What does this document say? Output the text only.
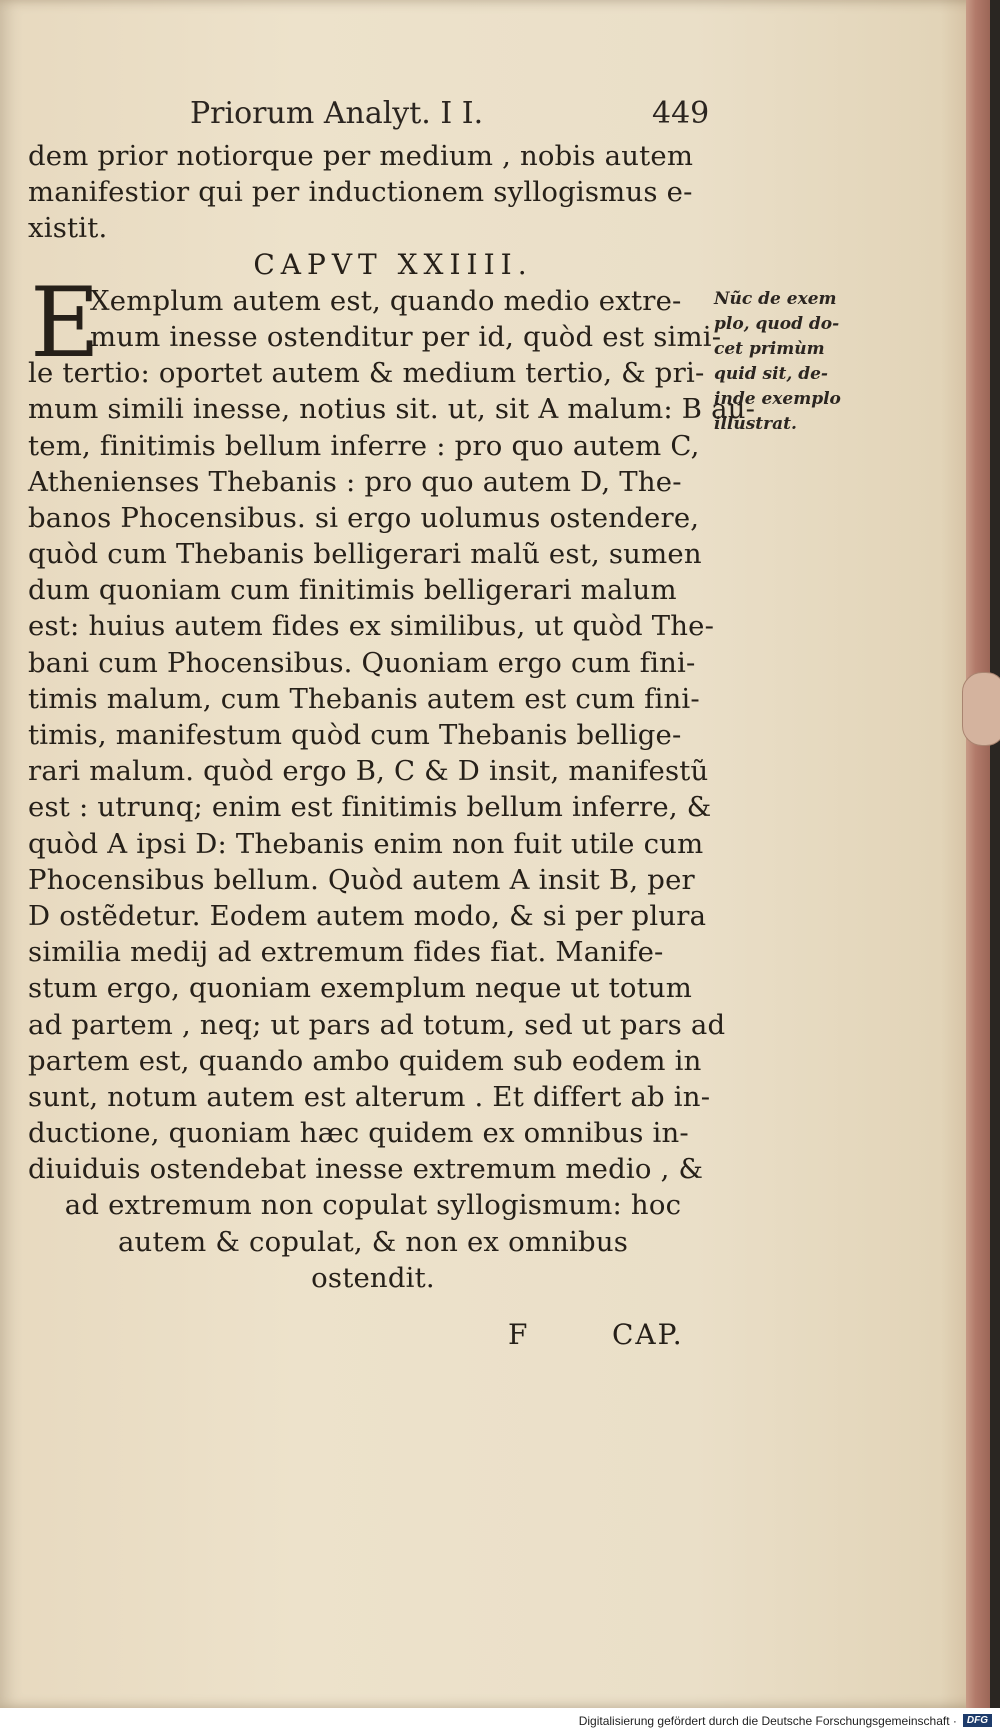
Priorum Analyt. I I.	449
E
dem prior notiorque per medium , nobis autem
manifestior qui per inductionem syllogismus e-
xistit.
CAPVT XXIIII.
Xemplum autem est, quando medio extre-
mum inesse ostenditur per id, quòd est simi-
le tertio: oportet autem & medium tertio, & pri-
mum simili inesse, notius sit. ut, sit A malum: B au-
tem, finitimis bellum inferre : pro quo autem C,
Athenienses Thebanis : pro quo autem D, The-
banos Phocensibus. si ergo uolumus ostendere,
quòd cum Thebanis belligerari malũ est, sumen
dum quoniam cum finitimis belligerari malum
est: huius autem fides ex similibus, ut quòd The-
bani cum Phocensibus. Quoniam ergo cum fini-
timis malum, cum Thebanis autem est cum fini-
timis, manifestum quòd cum Thebanis bellige-
rari malum. quòd ergo B, C & D insit, manifestũ
est : utrunq; enim est finitimis bellum inferre, &
quòd A ipsi D: Thebanis enim non fuit utile cum
Phocensibus bellum. Quòd autem A insit B, per
D ostẽdetur. Eodem autem modo, & si per plura
similia medij ad extremum fides fiat. Manife-
stum ergo, quoniam exemplum neque ut totum
ad partem , neq; ut pars ad totum, sed ut pars ad
partem est, quando ambo quidem sub eodem in
sunt, notum autem est alterum . Et differt ab in-
ductione, quoniam hæc quidem ex omnibus in-
diuiduis ostendebat inesse extremum medio , &
ad extremum non copulat syllogismum: hoc
autem & copulat, & non ex omnibus
ostendit.
Nũc de exem
plo, quod do-
cet primùm
quid sit, de-
inde exemplo
illustrat.
F	CAP.
Digitalisierung gefördert durch die Deutsche Forschungsgemeinschaft ·	DFG
